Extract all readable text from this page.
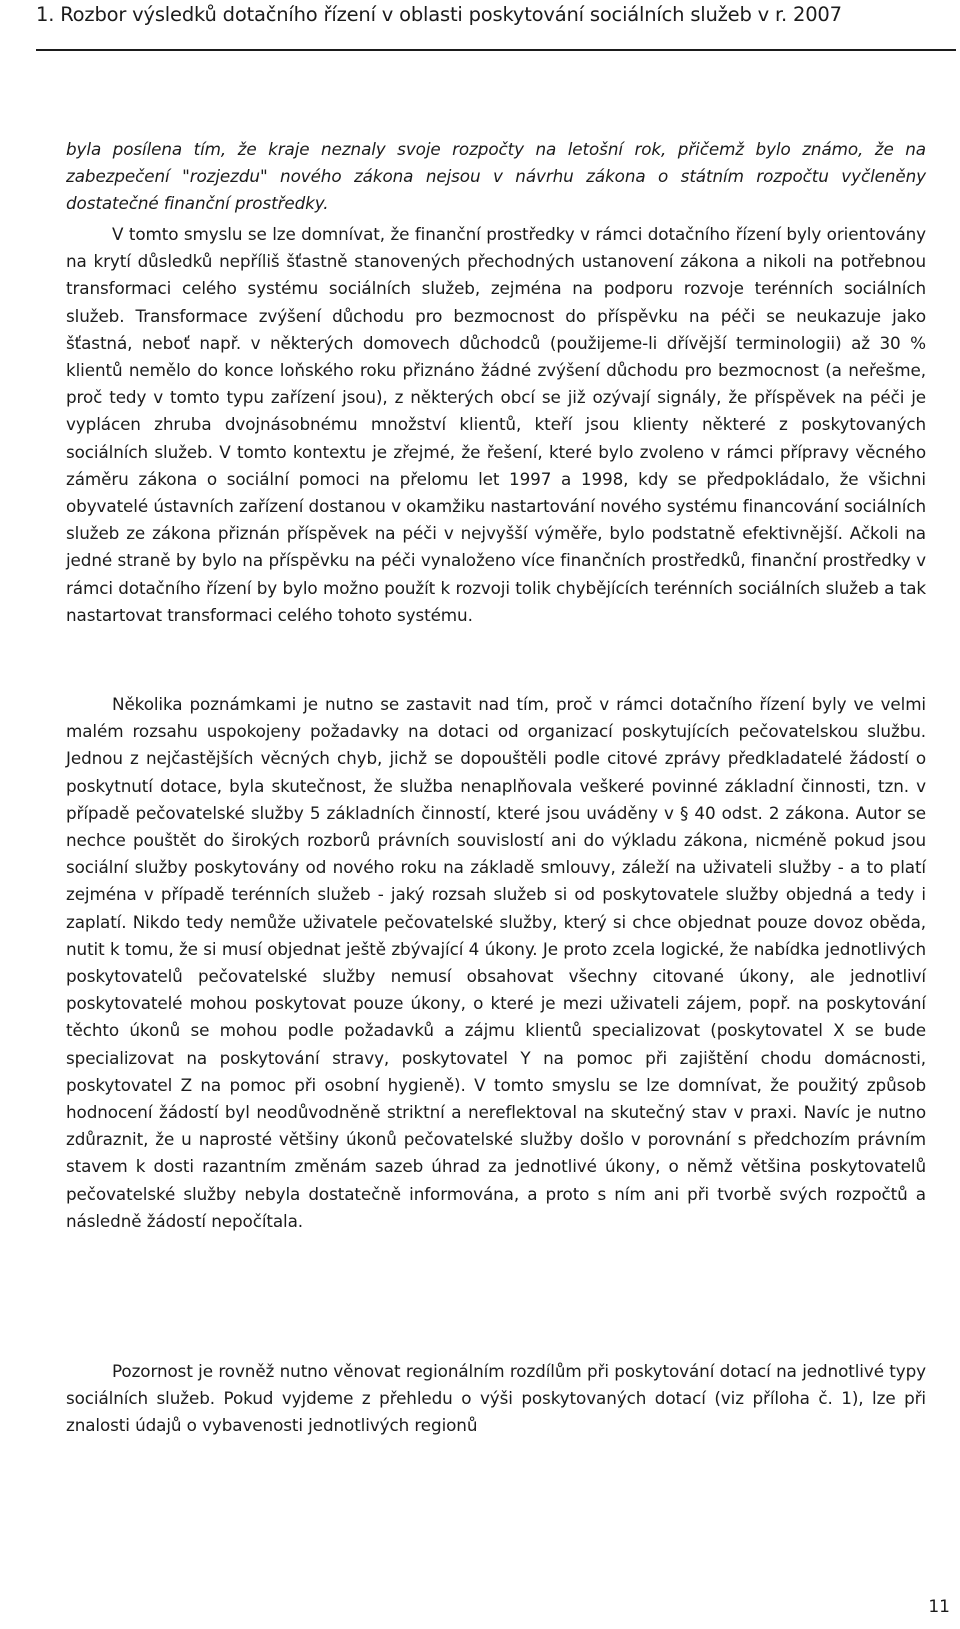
1. Rozbor výsledků dotačního řízení v oblasti poskytování sociálních služeb v r. 2007

byla posílena tím, že kraje neznaly svoje rozpočty na letošní rok, přičemž bylo známo, že na zabezpečení "rozjezdu" nového zákona nejsou v návrhu zákona o státním rozpočtu vyčleněny dostatečné finanční prostředky.

V tomto smyslu se lze domnívat, že finanční prostředky v rámci dotačního řízení byly orientovány na krytí důsledků nepříliš šťastně stanovených přechodných ustanovení zákona a nikoli na potřebnou transformaci celého systému sociálních služeb, zejména na podporu rozvoje terénních sociálních služeb. Transformace zvýšení důchodu pro bezmocnost do příspěvku na péči se neukazuje jako šťastná, neboť např. v některých domovech důchodců (použijeme-li dřívější terminologii) až 30 % klientů nemělo do konce loňského roku přiznáno žádné zvýšení důchodu pro bezmocnost (a neřešme, proč tedy v tomto typu zařízení jsou), z některých obcí se již ozývají signály, že příspěvek na péči je vyplácen zhruba dvojnásobnému množství klientů, kteří jsou klienty některé z poskytovaných sociálních služeb. V tomto kontextu je zřejmé, že řešení, které bylo zvoleno v rámci přípravy věcného záměru zákona o sociální pomoci na přelomu let 1997 a 1998, kdy se předpokládalo, že všichni obyvatelé ústavních zařízení dostanou v okamžiku nastartování nového systému financování sociálních služeb ze zákona přiznán příspěvek na péči v nejvyšší výměře, bylo podstatně efektivnější. Ačkoli na jedné straně by bylo na příspěvku na péči vynaloženo více finančních prostředků, finanční prostředky v rámci dotačního řízení by bylo možno použít k rozvoji tolik chybějících terénních sociálních služeb a tak nastartovat transformaci celého tohoto systému.

Několika poznámkami je nutno se zastavit nad tím, proč v rámci dotačního řízení byly ve velmi malém rozsahu uspokojeny požadavky na dotaci od organizací poskytujících pečovatelskou službu. Jednou z nejčastějších věcných chyb, jichž se dopouštěli podle citové zprávy předkladatelé žádostí o poskytnutí dotace, byla skutečnost, že služba nenaplňovala veškeré povinné základní činnosti, tzn. v případě pečovatelské služby 5 základních činností, které jsou uváděny v § 40 odst. 2 zákona. Autor se nechce pouštět do širokých rozborů právních souvislostí ani do výkladu zákona, nicméně pokud jsou sociální služby poskytovány od nového roku na základě smlouvy, záleží na uživateli služby - a to platí zejména v případě terénních služeb - jaký rozsah služeb si od poskytovatele služby objedná a tedy i zaplatí. Nikdo tedy nemůže uživatele pečovatelské služby, který si chce objednat pouze dovoz oběda, nutit k tomu, že si musí objednat ještě zbývající 4 úkony. Je proto zcela logické, že nabídka jednotlivých poskytovatelů pečovatelské služby nemusí obsahovat všechny citované úkony, ale jednotliví poskytovatelé mohou poskytovat pouze úkony, o které je mezi uživateli zájem, popř. na poskytování těchto úkonů se mohou podle požadavků a zájmu klientů specializovat (poskytovatel X se bude specializovat na poskytování stravy, poskytovatel Y na pomoc při zajištění chodu domácnosti, poskytovatel Z na pomoc při osobní hygieně). V tomto smyslu se lze domnívat, že použitý způsob hodnocení žádostí byl neodůvodněně striktní a nereflektoval na skutečný stav v praxi. Navíc je nutno zdůraznit, že u naprosté většiny úkonů pečovatelské služby došlo v porovnání s předchozím právním stavem k dosti razantním změnám sazeb úhrad za jednotlivé úkony, o němž většina poskytovatelů pečovatelské služby nebyla dostatečně informována, a proto s ním ani při tvorbě svých rozpočtů a následně žádostí nepočítala.

Pozornost je rovněž nutno věnovat regionálním rozdílům při poskytování dotací na jednotlivé typy sociálních služeb. Pokud vyjdeme z přehledu o výši poskytovaných dotací (viz příloha č. 1), lze při znalosti údajů o vybavenosti jednotlivých regionů

11
